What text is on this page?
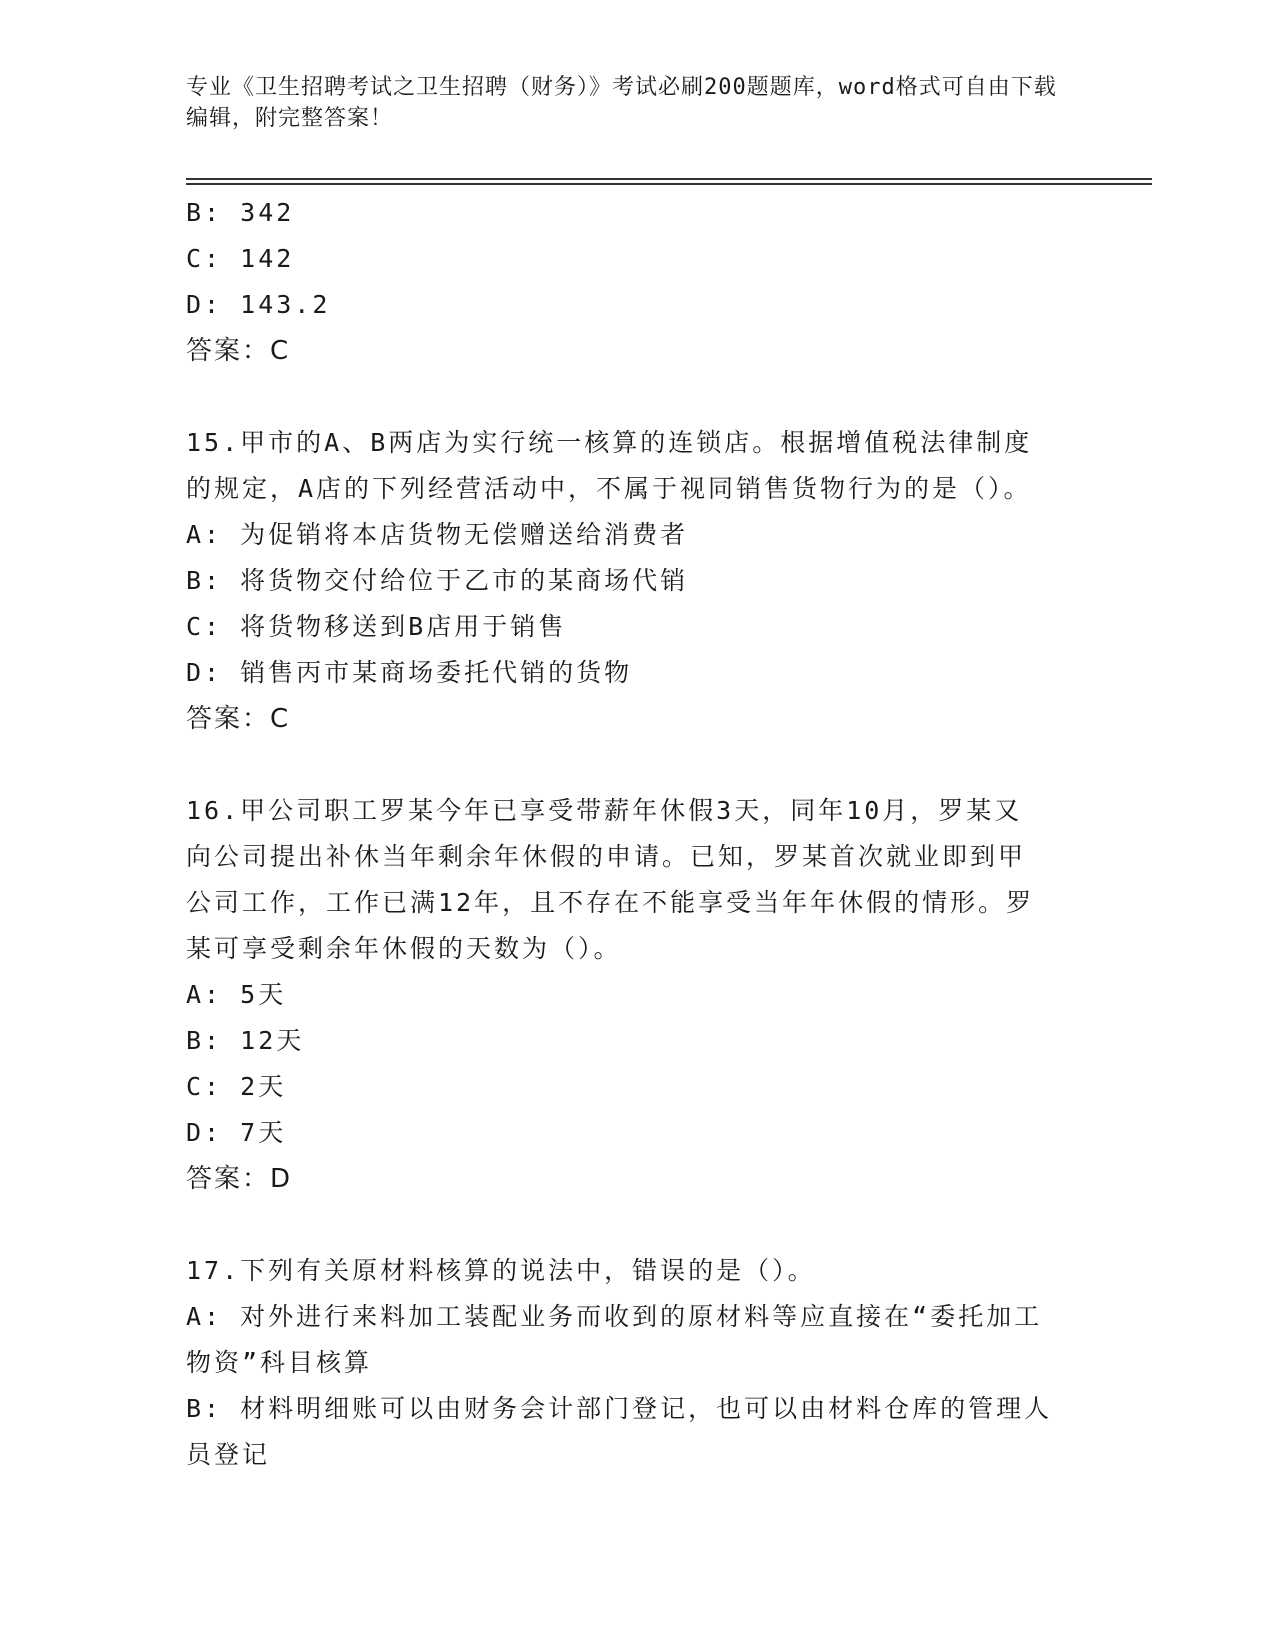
专业《卫生招聘考试之卫生招聘（财务）》考试必刷200题题库，word格式可自由下载编辑，附完整答案！
B: 342
C: 142
D: 143.2
答案：C
15.甲市的A、B两店为实行统一核算的连锁店。根据增值税法律制度
的规定，A店的下列经营活动中，不属于视同销售货物行为的是（）。
A: 为促销将本店货物无偿赠送给消费者
B: 将货物交付给位于乙市的某商场代销
C: 将货物移送到B店用于销售
D: 销售丙市某商场委托代销的货物
答案：C
16.甲公司职工罗某今年已享受带薪年休假3天，同年10月，罗某又
向公司提出补休当年剩余年休假的申请。已知，罗某首次就业即到甲
公司工作，工作已满12年，且不存在不能享受当年年休假的情形。罗
某可享受剩余年休假的天数为（）。
A: 5天
B: 12天
C: 2天
D: 7天
答案：D
17.下列有关原材料核算的说法中，错误的是（）。
A: 对外进行来料加工装配业务而收到的原材料等应直接在“委托加工
物资”科目核算
B: 材料明细账可以由财务会计部门登记，也可以由材料仓库的管理人
员登记
